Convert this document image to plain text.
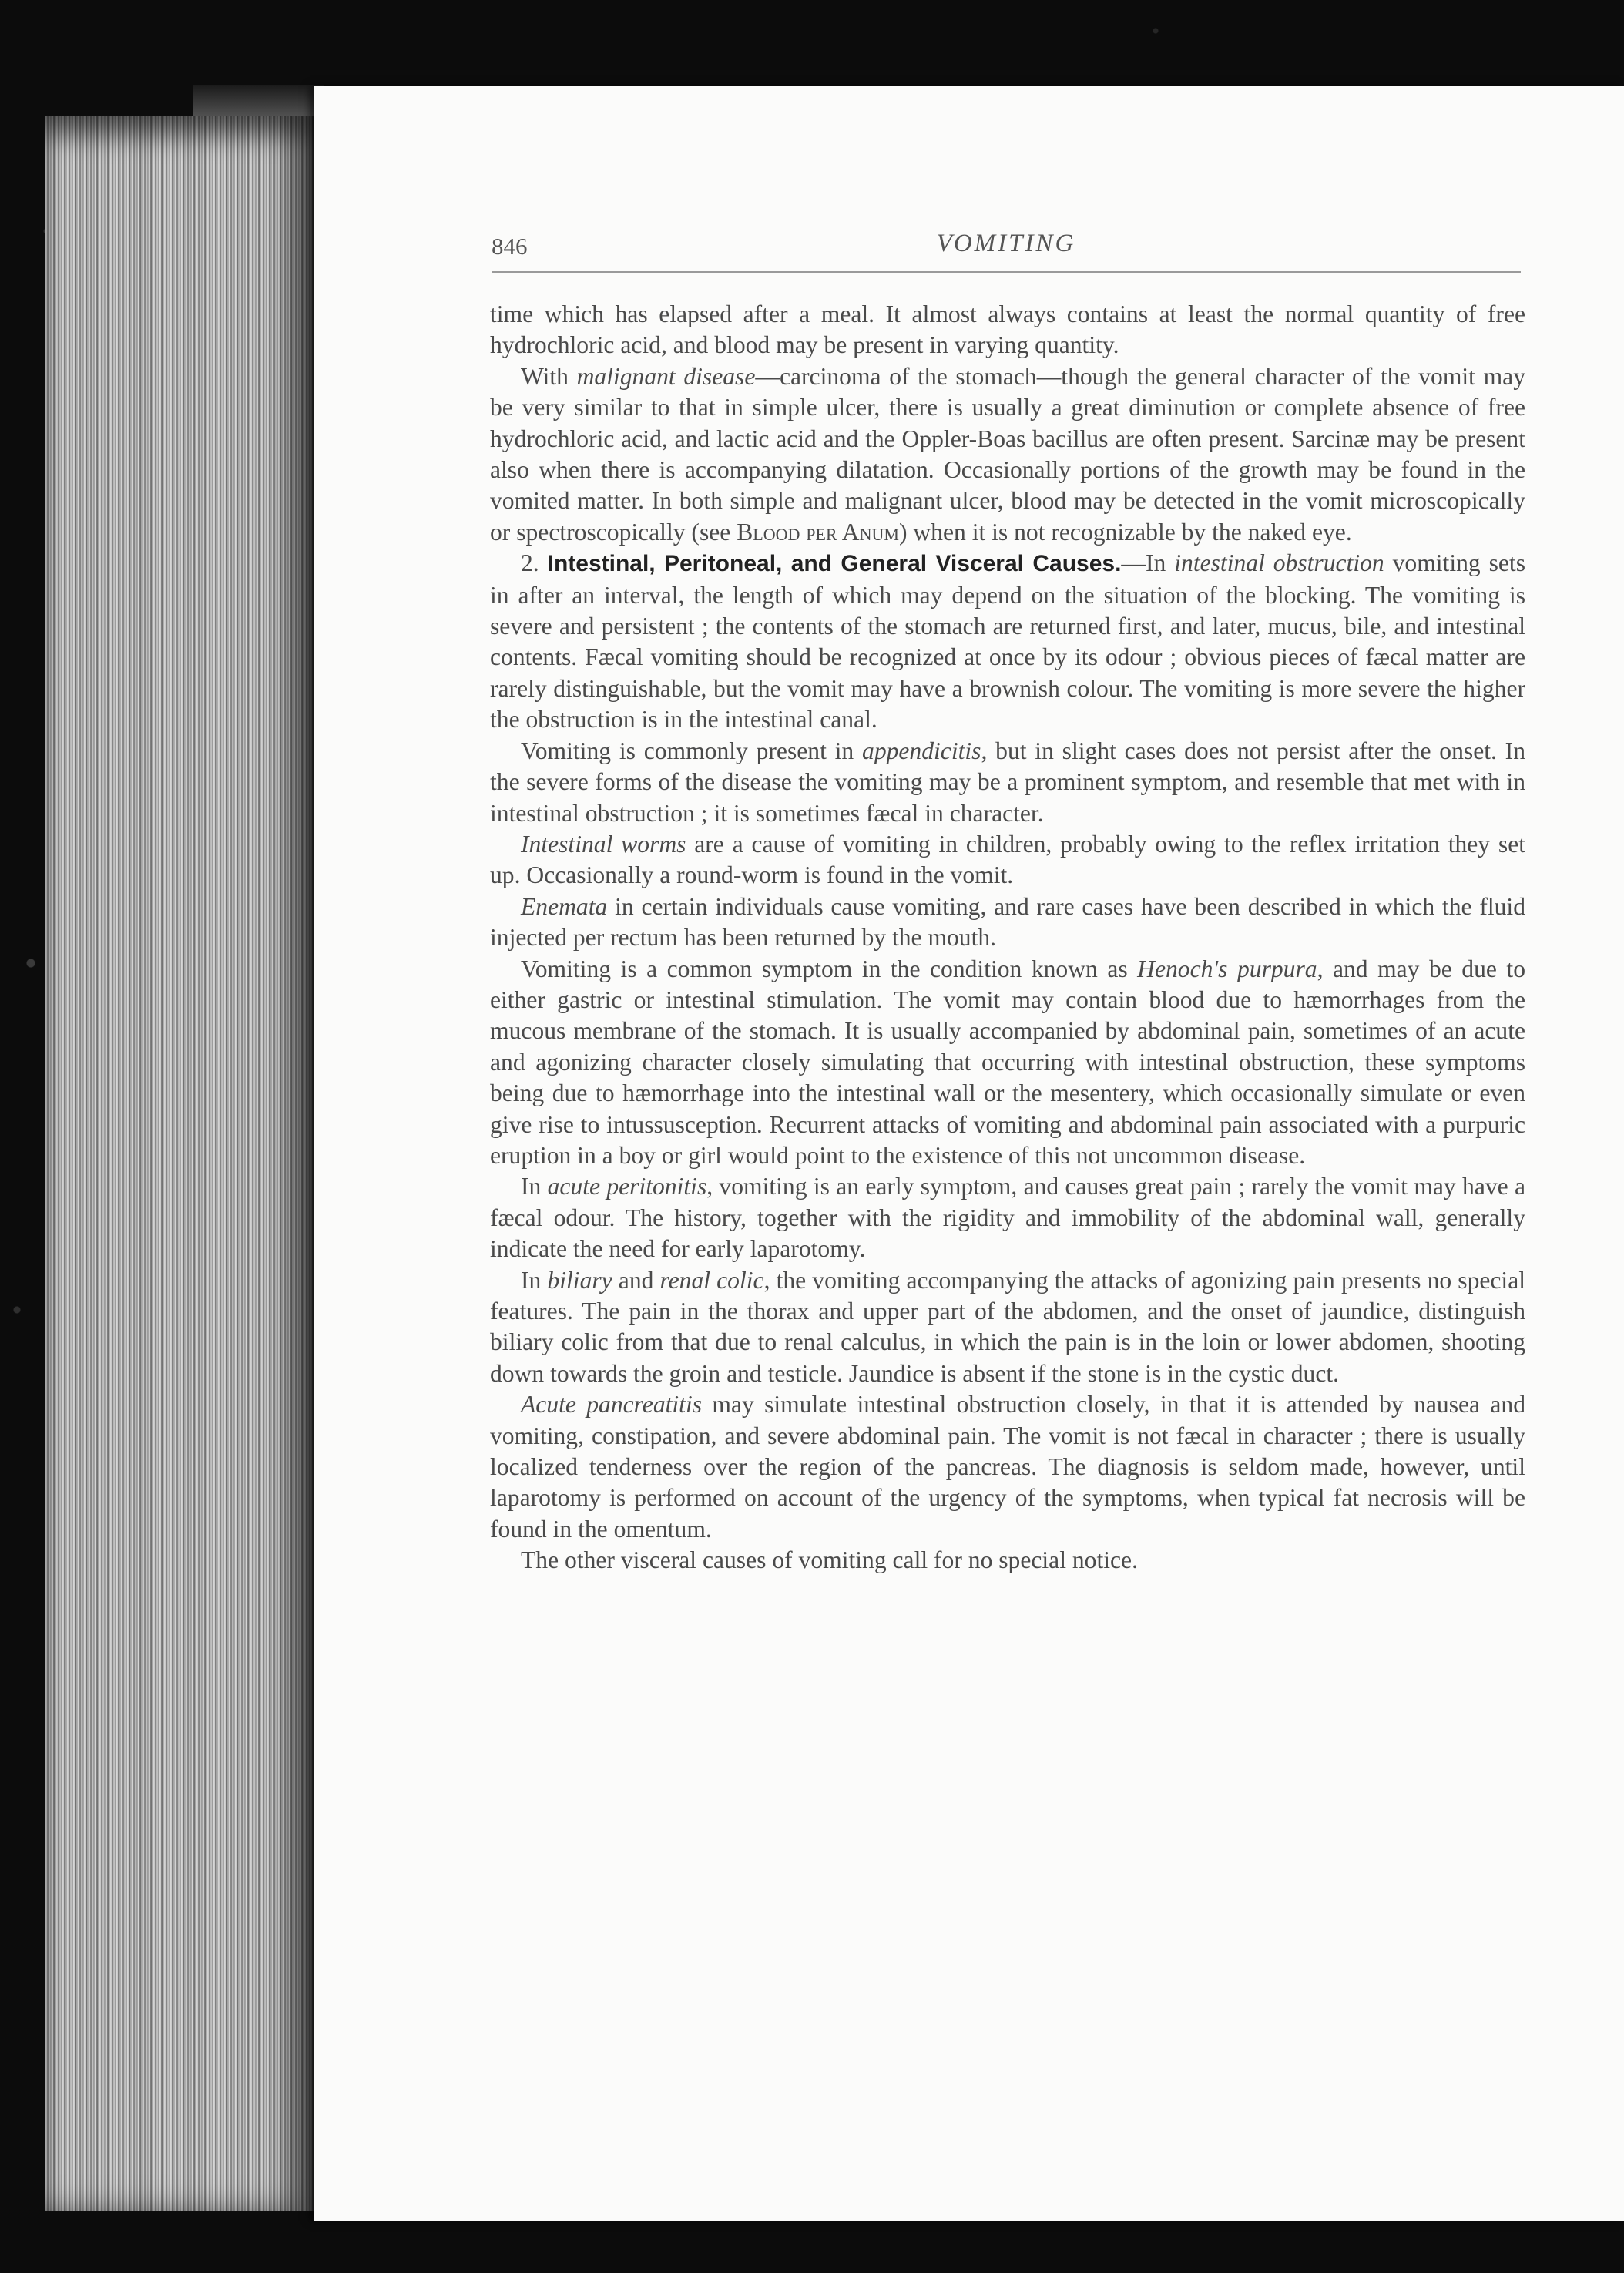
846	VOMITING

time which has elapsed after a meal. It almost always contains at least the normal quantity of free hydrochloric acid, and blood may be present in varying quantity.

With malignant disease—carcinoma of the stomach—though the general character of the vomit may be very similar to that in simple ulcer, there is usually a great diminution or complete absence of free hydrochloric acid, and lactic acid and the Oppler-Boas bacillus are often present. Sarcinæ may be present also when there is accompanying dilatation. Occasionally portions of the growth may be found in the vomited matter. In both simple and malignant ulcer, blood may be detected in the vomit microscopically or spectroscopically (see Blood per Anum) when it is not recognizable by the naked eye.

2. Intestinal, Peritoneal, and General Visceral Causes.—In intestinal obstruction vomiting sets in after an interval, the length of which may depend on the situation of the blocking. The vomiting is severe and persistent ; the contents of the stomach are returned first, and later, mucus, bile, and intestinal contents. Fæcal vomiting should be recognized at once by its odour ; obvious pieces of fæcal matter are rarely distinguishable, but the vomit may have a brownish colour. The vomiting is more severe the higher the obstruction is in the intestinal canal.

Vomiting is commonly present in appendicitis, but in slight cases does not persist after the onset. In the severe forms of the disease the vomiting may be a prominent symptom, and resemble that met with in intestinal obstruction ; it is sometimes fæcal in character.

Intestinal worms are a cause of vomiting in children, probably owing to the reflex irritation they set up. Occasionally a round-worm is found in the vomit.

Enemata in certain individuals cause vomiting, and rare cases have been described in which the fluid injected per rectum has been returned by the mouth.

Vomiting is a common symptom in the condition known as Henoch's purpura, and may be due to either gastric or intestinal stimulation. The vomit may contain blood due to hæmorrhages from the mucous membrane of the stomach. It is usually accompanied by abdominal pain, sometimes of an acute and agonizing character closely simulating that occurring with intestinal obstruction, these symptoms being due to hæmorrhage into the intestinal wall or the mesentery, which occasionally simulate or even give rise to intussusception. Recurrent attacks of vomiting and abdominal pain associated with a purpuric eruption in a boy or girl would point to the existence of this not uncommon disease.

In acute peritonitis, vomiting is an early symptom, and causes great pain ; rarely the vomit may have a fæcal odour. The history, together with the rigidity and immobility of the abdominal wall, generally indicate the need for early laparotomy.

In biliary and renal colic, the vomiting accompanying the attacks of agonizing pain presents no special features. The pain in the thorax and upper part of the abdomen, and the onset of jaundice, distinguish biliary colic from that due to renal calculus, in which the pain is in the loin or lower abdomen, shooting down towards the groin and testicle. Jaundice is absent if the stone is in the cystic duct.

Acute pancreatitis may simulate intestinal obstruction closely, in that it is attended by nausea and vomiting, constipation, and severe abdominal pain. The vomit is not fæcal in character ; there is usually localized tenderness over the region of the pancreas. The diagnosis is seldom made, however, until laparotomy is performed on account of the urgency of the symptoms, when typical fat necrosis will be found in the omentum.

The other visceral causes of vomiting call for no special notice.
